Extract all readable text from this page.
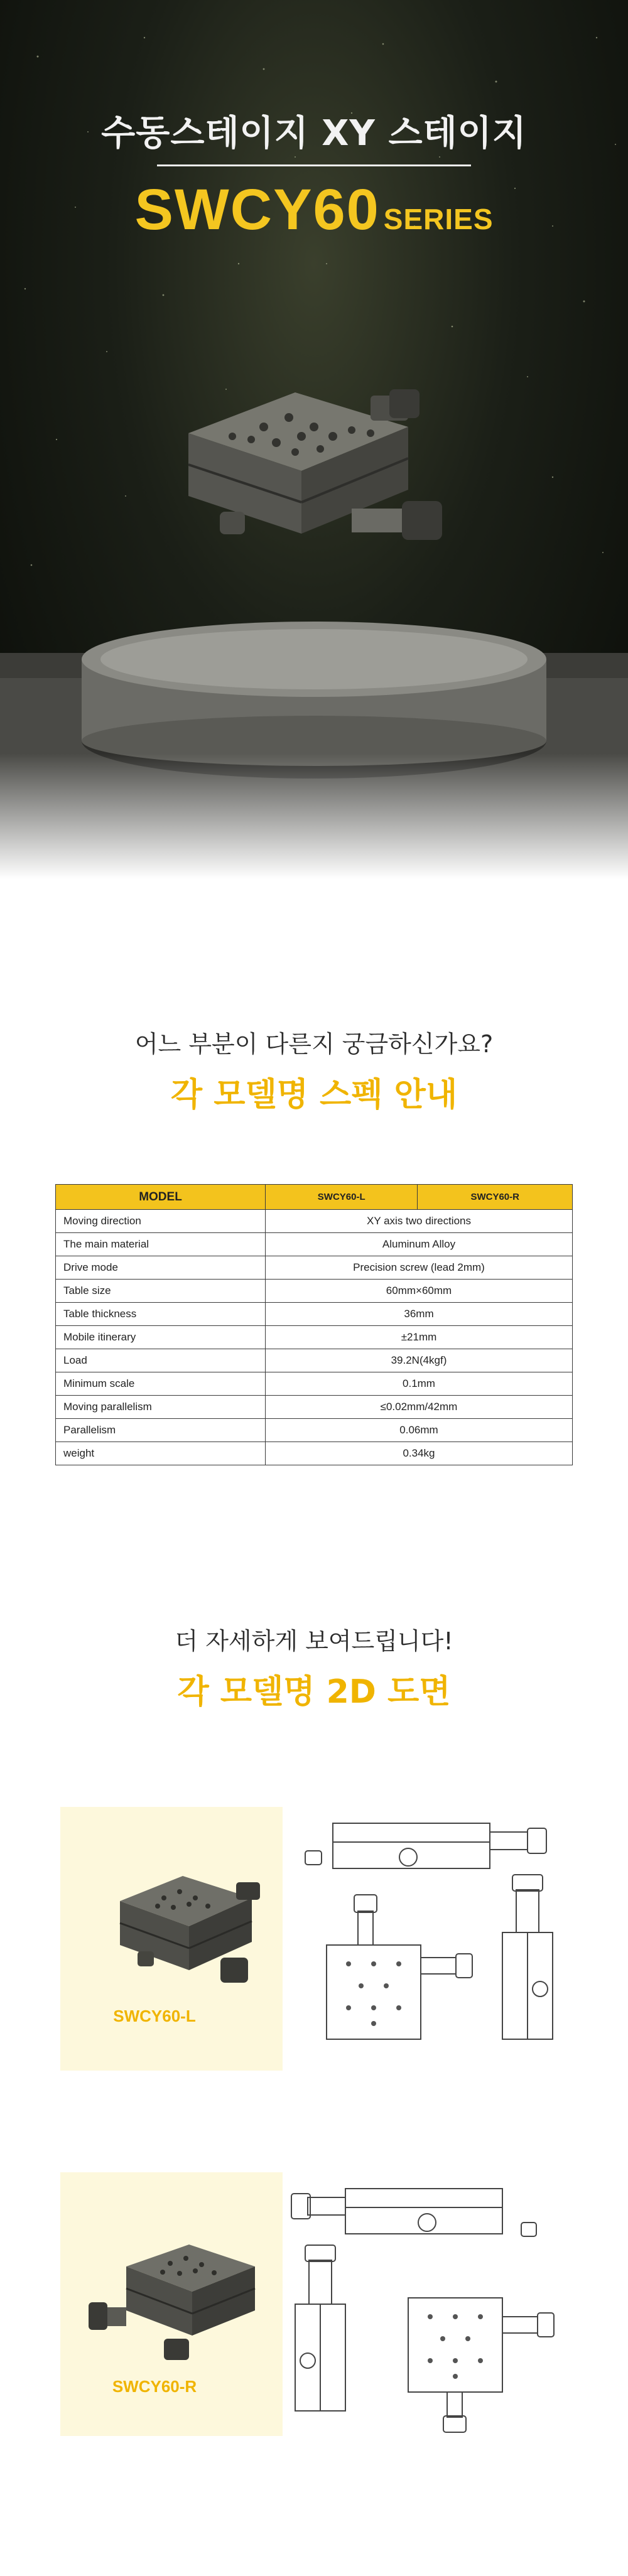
수동스테이지 XY 스테이지
SWCY60 SERIES
어느 부분이 다른지 궁금하신가요?
각 모델명 스펙 안내
MODEL	SWCY60-L	SWCY60-R
Moving direction	XY axis two directions	
The main material	Aluminum Alloy	
Drive mode	Precision screw (lead 2mm)	
Table size	60mm×60mm	
Table thickness	36mm	
Mobile itinerary	±21mm	
Load	39.2N(4kgf)	
Minimum scale	0.1mm	
Moving parallelism	≤0.02mm/42mm	
Parallelism	0.06mm	
weight	0.34kg	
더 자세하게 보여드립니다!
각 모델명 2D 도면
SWCY60-L
SWCY60-R
